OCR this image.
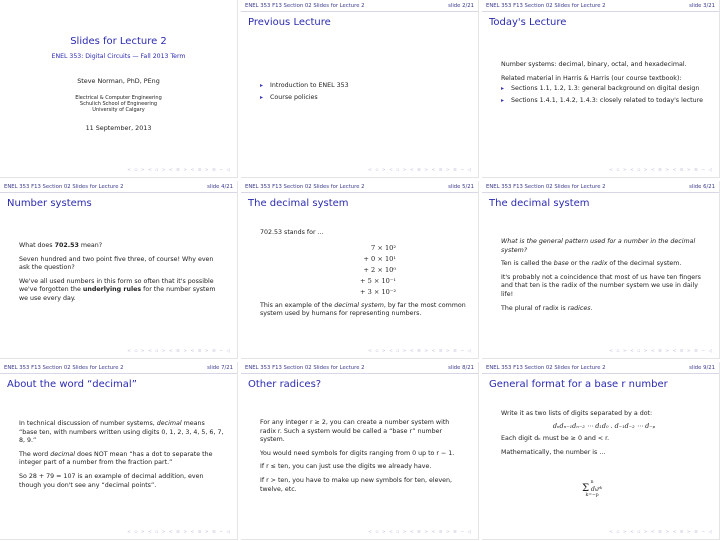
Slides for Lecture 2
ENEL 353: Digital Circuits — Fall 2013 Term
Steve Norman, PhD, PEng
Electrical & Computer Engineering
Schulich School of Engineering
University of Calgary
11 September, 2013
< ▫ > < ▫ > < ≡ > < ≡ > ≡ ∽ ◁
ENEL 353 F13 Section 02 Slides for Lecture 2	slide 2/21
Previous Lecture
▸ Introduction to ENEL 353
▸ Course policies
< ▫ > < ▫ > < ≡ > < ≡ > ≡ ∽ ◁
ENEL 353 F13 Section 02 Slides for Lecture 2	slide 3/21
Today's Lecture

Number systems: decimal, binary, octal, and hexadecimal.

Related material in Harris & Harris (our course textbook):

▸ Sections 1.1, 1.2, 1.3: general background on digital design
▸ Sections 1.4.1, 1.4.2, 1.4.3: closely related to today's lecture
< ▫ > < ▫ > < ≡ > < ≡ > ≡ ∽ ◁
ENEL 353 F13 Section 02 Slides for Lecture 2	slide 4/21
Number systems

What does 702.53 mean?

Seven hundred and two point five three, of course! Why even ask the question?

We've all used numbers in this form so often that it's possible we've forgotten the underlying rules for the number system we use every day.

< ▫ > < ▫ > < ≡ > < ≡ > ≡ ∽ ◁
ENEL 353 F13 Section 02 Slides for Lecture 2	slide 5/21
The decimal system

702.53 stands for ...

7 × 10²
+ 0 × 10¹
+ 2 × 10⁰
+ 5 × 10⁻¹
+ 3 × 10⁻²

This an example of the decimal system, by far the most common system used by humans for representing numbers.

< ▫ > < ▫ > < ≡ > < ≡ > ≡ ∽ ◁
ENEL 353 F13 Section 02 Slides for Lecture 2	slide 6/21
The decimal system

What is the general pattern used for a number in the decimal system?

Ten is called the base or the radix of the decimal system.

It's probably not a coincidence that most of us have ten fingers and that ten is the radix of the number system we use in daily life!

The plural of radix is radices.

< ▫ > < ▫ > < ≡ > < ≡ > ≡ ∽ ◁
ENEL 353 F13 Section 02 Slides for Lecture 2	slide 7/21
About the word “decimal”

In technical discussion of number systems, decimal means “base ten, with numbers written using digits 0, 1, 2, 3, 4, 5, 6, 7, 8, 9.”

The word decimal does NOT mean “has a dot to separate the integer part of a number from the fraction part.”

So 28 + 79 = 107 is an example of decimal addition, even though you don't see any “decimal points”.

< ▫ > < ▫ > < ≡ > < ≡ > ≡ ∽ ◁
ENEL 353 F13 Section 02 Slides for Lecture 2	slide 8/21
Other radices?

For any integer r ≥ 2, you can create a number system with radix r. Such a system would be called a “base r” number system.

You would need symbols for digits ranging from 0 up to r − 1.

If r ≤ ten, you can just use the digits we already have.

If r > ten, you have to make up new symbols for ten, eleven, twelve, etc.

< ▫ > < ▫ > < ≡ > < ≡ > ≡ ∽ ◁
ENEL 353 F13 Section 02 Slides for Lecture 2	slide 9/21
General format for a base r number

Write it as two lists of digits separated by a dot:

dₙdₙ₋₁dₙ₋₂ ⋯ d₁d₀ . d₋₁d₋₂ ⋯ d₋ₚ

Each digit dₖ must be ≥ 0 and < r.

Mathematically, the number is ...

n
Σ dₖrᵏ
k=−p
< ▫ > < ▫ > < ≡ > < ≡ > ≡ ∽ ◁
